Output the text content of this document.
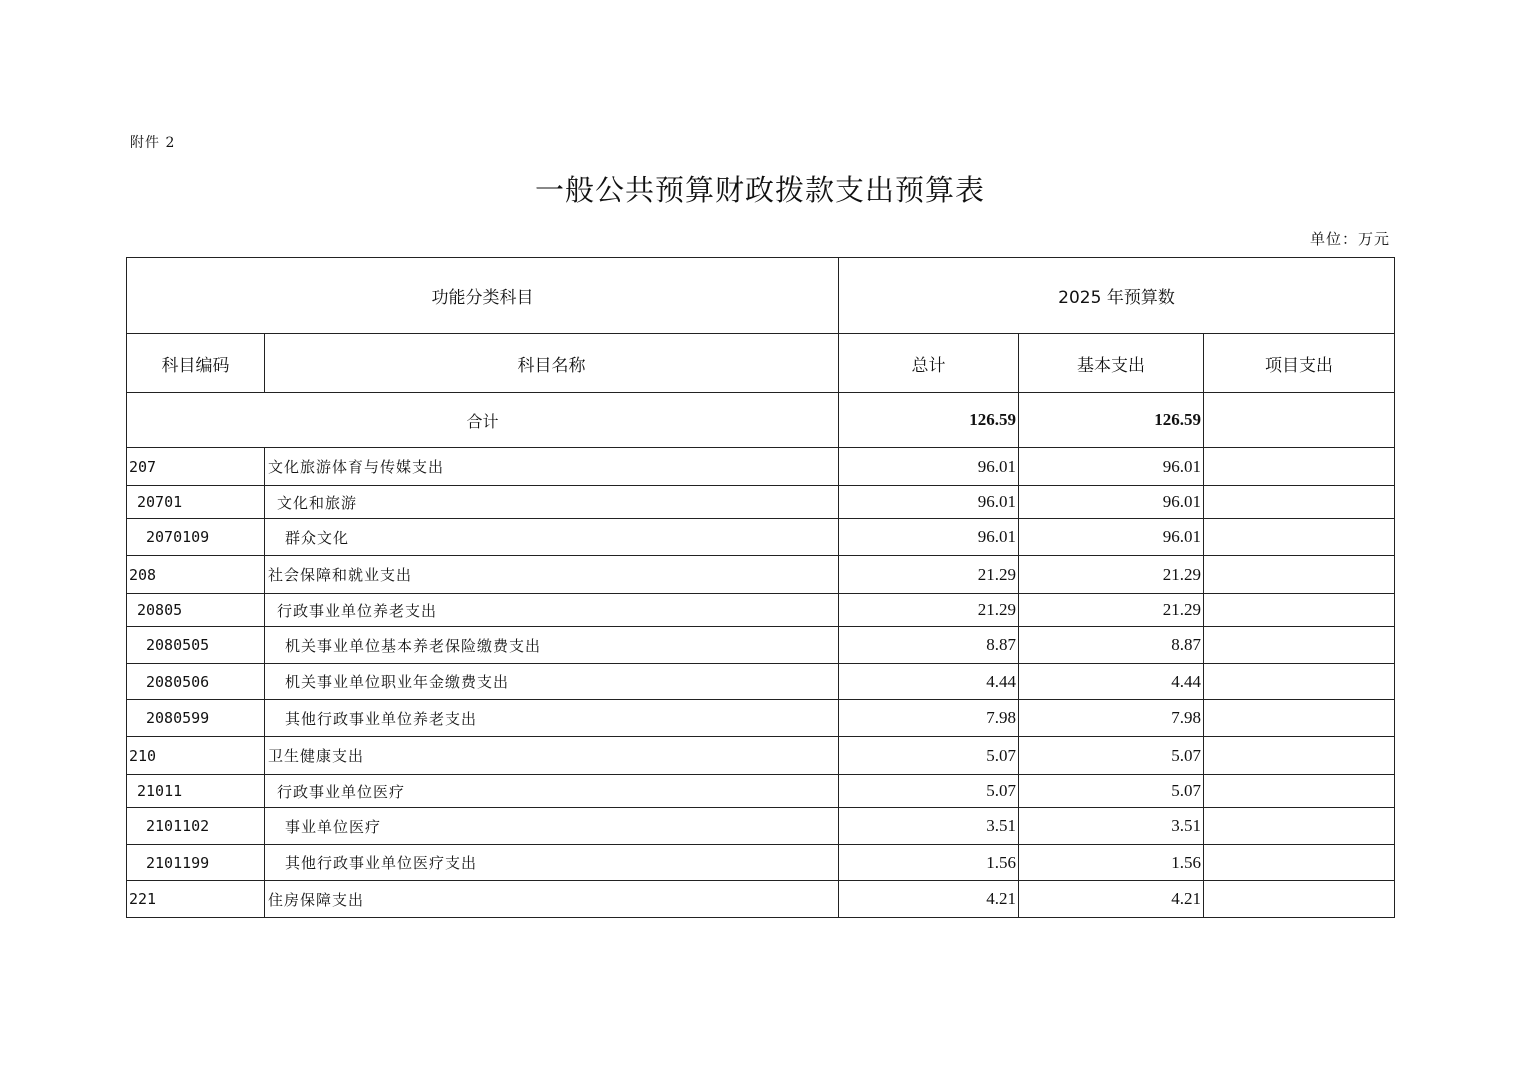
附件 2
一般公共预算财政拨款支出预算表
单位：万元
功能分类科目		2025 年预算数		
科目编码	科目名称	总计	基本支出	项目支出
合计		126.59	126.59	
207	文化旅游体育与传媒支出	96.01	96.01	
20701	文化和旅游	96.01	96.01	
2070109	群众文化	96.01	96.01	
208	社会保障和就业支出	21.29	21.29	
20805	行政事业单位养老支出	21.29	21.29	
2080505	机关事业单位基本养老保险缴费支出	8.87	8.87	
2080506	机关事业单位职业年金缴费支出	4.44	4.44	
2080599	其他行政事业单位养老支出	7.98	7.98	
210	卫生健康支出	5.07	5.07	
21011	行政事业单位医疗	5.07	5.07	
2101102	事业单位医疗	3.51	3.51	
2101199	其他行政事业单位医疗支出	1.56	1.56	
221	住房保障支出	4.21	4.21	
